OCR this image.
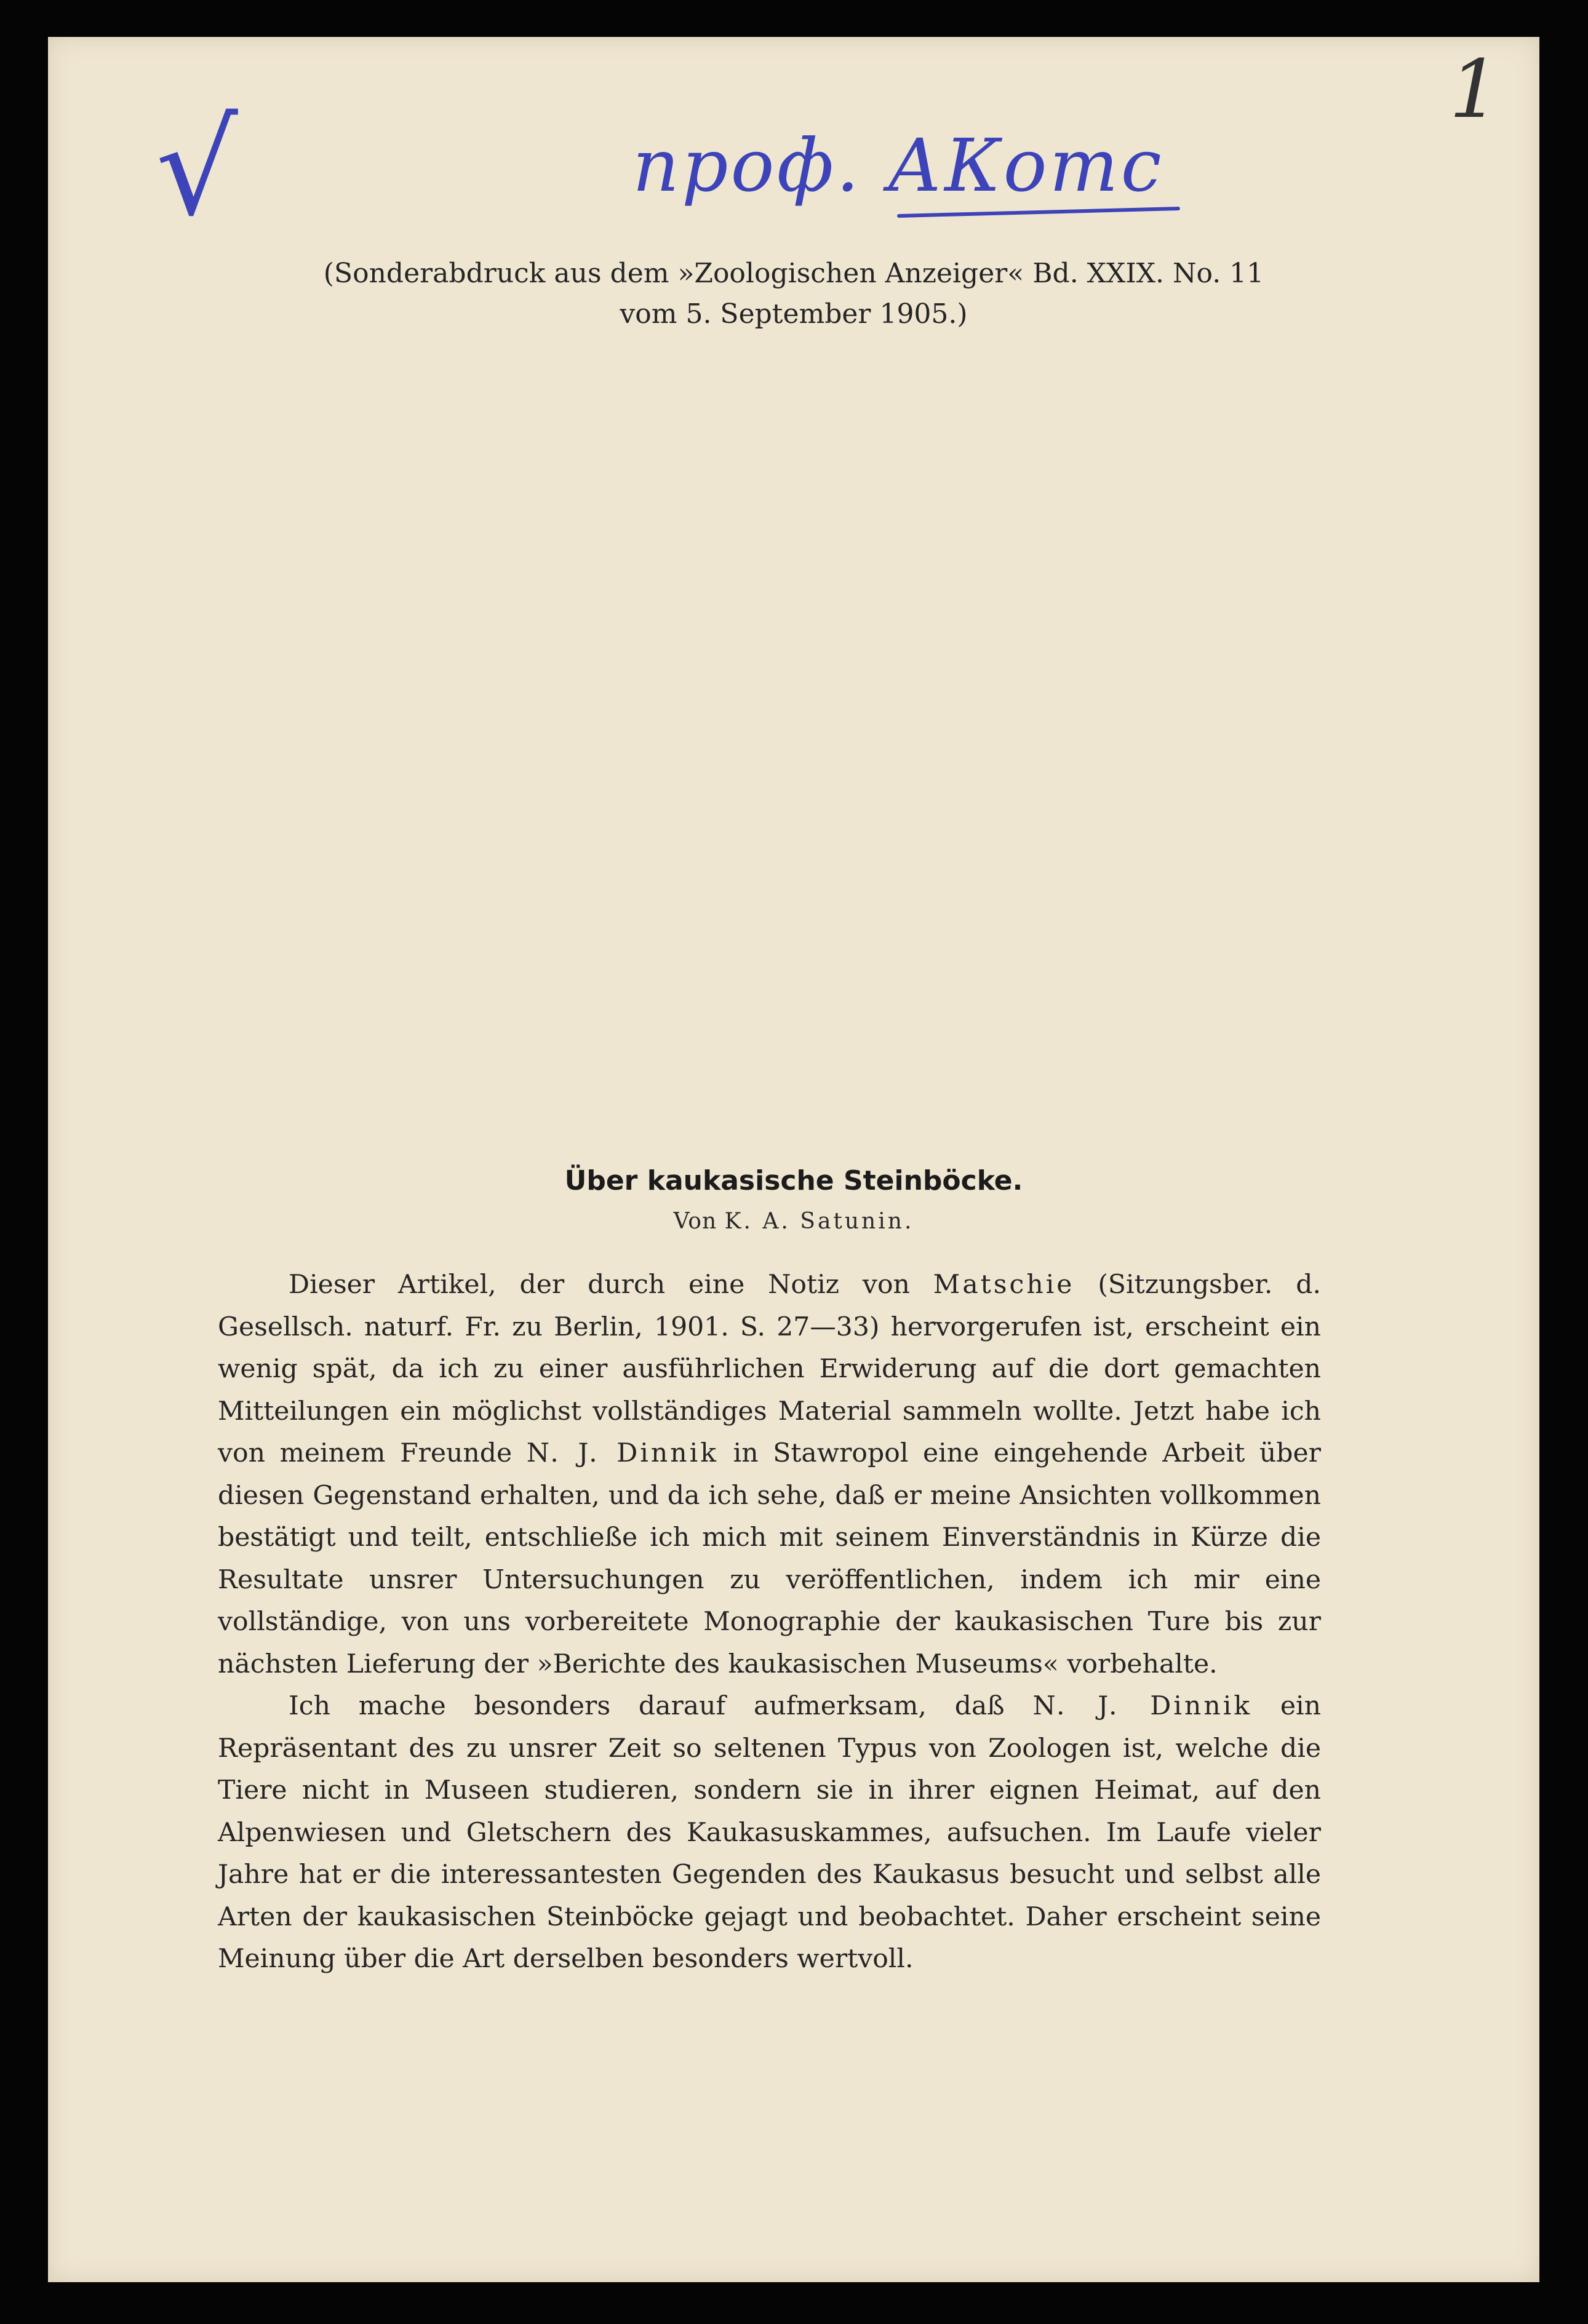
√	проф. АКотс
1
(Sonderabdruck aus dem »Zoologischen Anzeiger« Bd. XXIX. No. 11
vom 5. September 1905.)
Über kaukasische Steinböcke.
Von K. A. Satunin.

Dieser Artikel, der durch eine Notiz von Matschie (Sitzungsber. d. Gesellsch. naturf. Fr. zu Berlin, 1901. S. 27—33) hervorgerufen ist, erscheint ein wenig spät, da ich zu einer ausführlichen Erwiderung auf die dort gemachten Mitteilungen ein möglichst vollständiges Material sammeln wollte. Jetzt habe ich von meinem Freunde N. J. Dinnik in Stawropol eine eingehende Arbeit über diesen Gegenstand erhalten, und da ich sehe, daß er meine Ansichten vollkommen bestätigt und teilt, entschließe ich mich mit seinem Einverständnis in Kürze die Resultate unsrer Untersuchungen zu veröffentlichen, indem ich mir eine vollständige, von uns vorbereitete Monographie der kaukasischen Ture bis zur nächsten Lieferung der »Berichte des kaukasischen Museums« vorbehalte.

Ich mache besonders darauf aufmerksam, daß N. J. Dinnik ein Repräsentant des zu unsrer Zeit so seltenen Typus von Zoologen ist, welche die Tiere nicht in Museen studieren, sondern sie in ihrer eignen Heimat, auf den Alpenwiesen und Gletschern des Kaukasuskammes, aufsuchen. Im Laufe vieler Jahre hat er die interessantesten Gegenden des Kaukasus besucht und selbst alle Arten der kaukasischen Steinböcke gejagt und beobachtet. Daher erscheint seine Meinung über die Art derselben besonders wertvoll.
